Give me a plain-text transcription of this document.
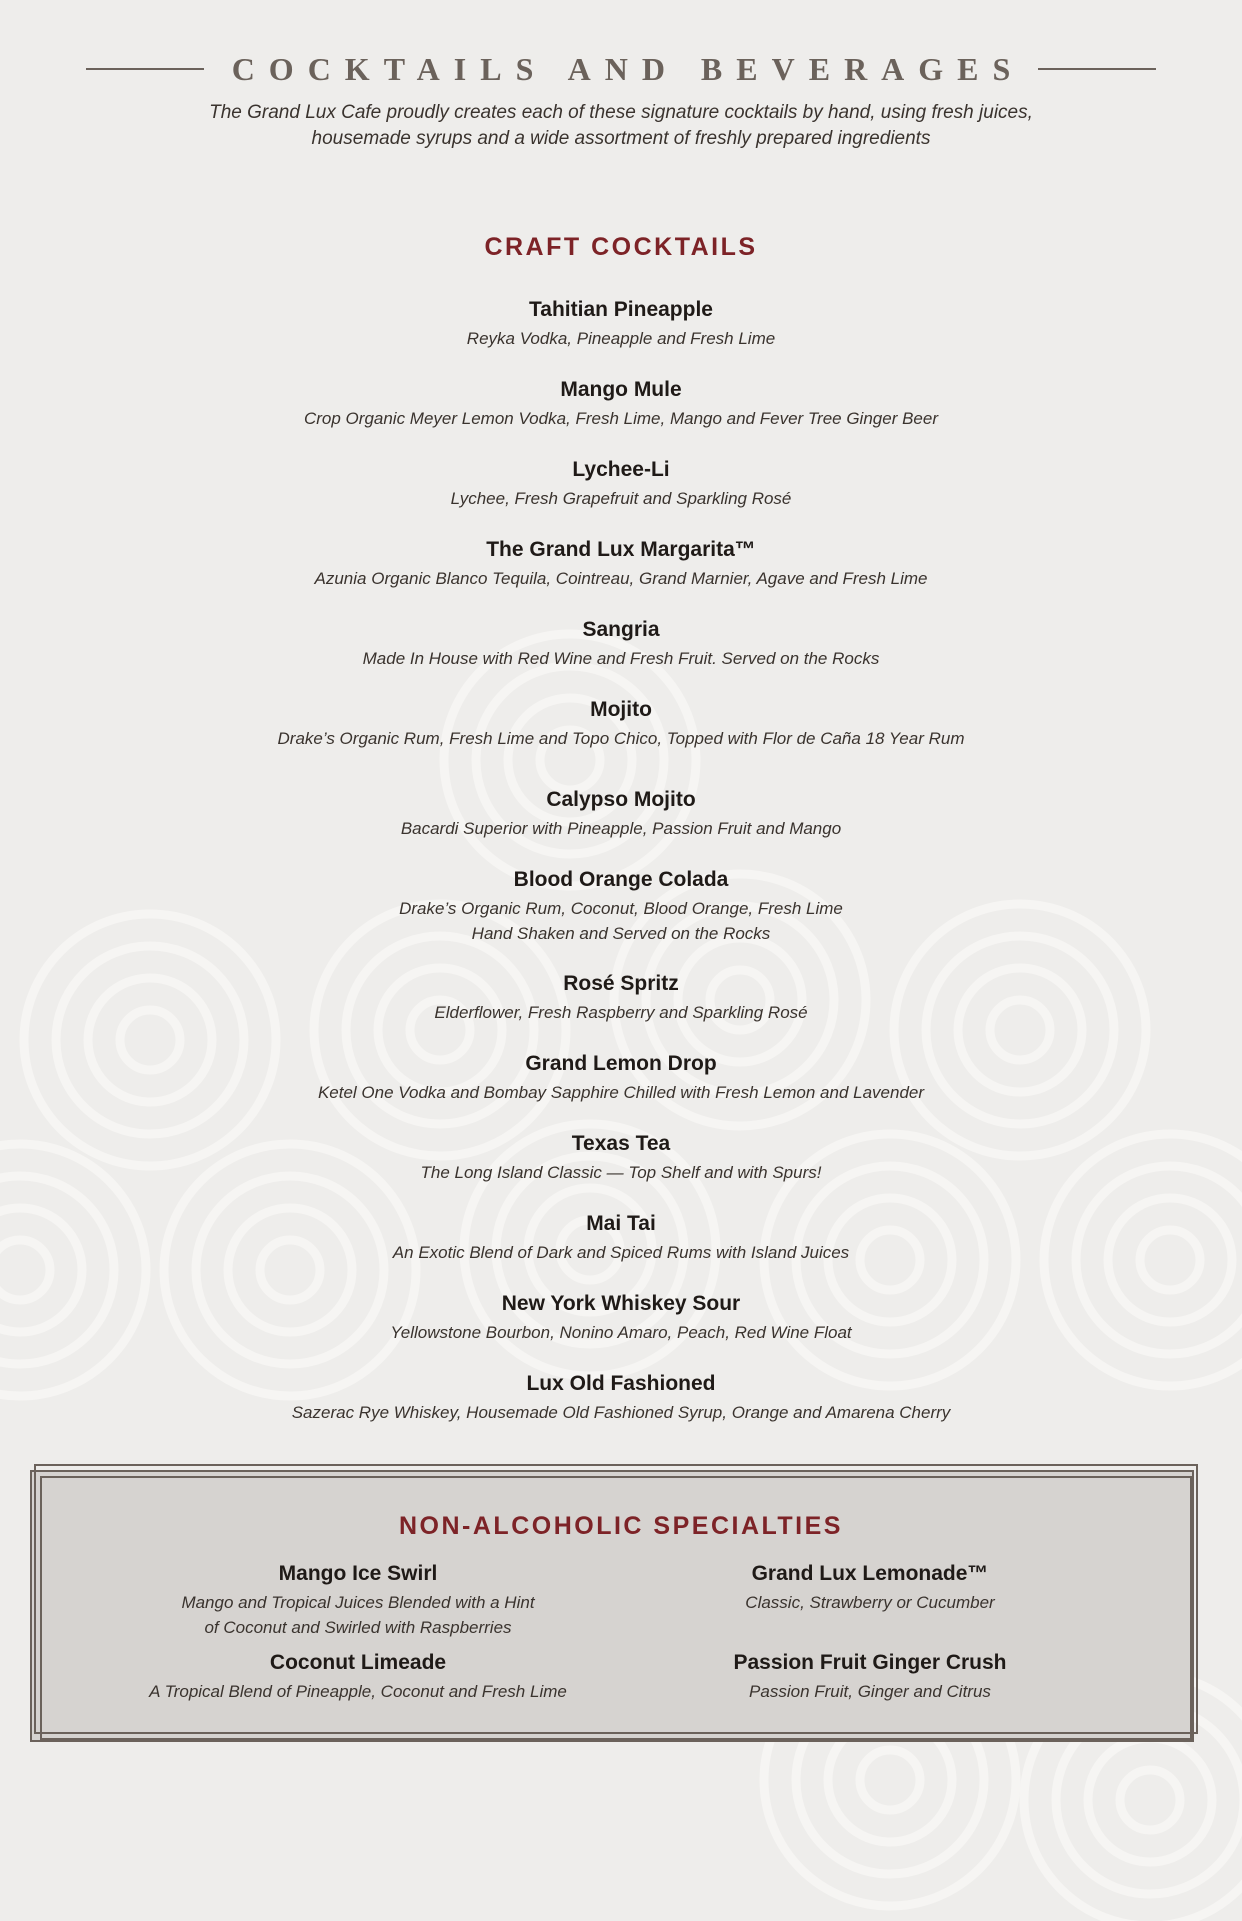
COCKTAILS AND BEVERAGES
The Grand Lux Cafe proudly creates each of these signature cocktails by hand, using fresh juices,
housemade syrups and a wide assortment of freshly prepared ingredients
CRAFT COCKTAILS
Tahitian Pineapple
Reyka Vodka, Pineapple and Fresh Lime
Mango Mule
Crop Organic Meyer Lemon Vodka, Fresh Lime, Mango and Fever Tree Ginger Beer
Lychee-Li
Lychee, Fresh Grapefruit and Sparkling Rosé
The Grand Lux Margarita™
Azunia Organic Blanco Tequila, Cointreau, Grand Marnier, Agave and Fresh Lime
Sangria
Made In House with Red Wine and Fresh Fruit. Served on the Rocks
Mojito
Drake’s Organic Rum, Fresh Lime and Topo Chico, Topped with Flor de Caña 18 Year Rum
Calypso Mojito
Bacardi Superior with Pineapple, Passion Fruit and Mango
Blood Orange Colada
Drake’s Organic Rum, Coconut, Blood Orange, Fresh Lime
Hand Shaken and Served on the Rocks
Rosé Spritz
Elderflower, Fresh Raspberry and Sparkling Rosé
Grand Lemon Drop
Ketel One Vodka and Bombay Sapphire Chilled with Fresh Lemon and Lavender
Texas Tea
The Long Island Classic — Top Shelf and with Spurs!
Mai Tai
An Exotic Blend of Dark and Spiced Rums with Island Juices
New York Whiskey Sour
Yellowstone Bourbon, Nonino Amaro, Peach, Red Wine Float
Lux Old Fashioned
Sazerac Rye Whiskey, Housemade Old Fashioned Syrup, Orange and Amarena Cherry
NON-ALCOHOLIC SPECIALTIES
Mango Ice Swirl
Mango and Tropical Juices Blended with a Hint
of Coconut and Swirled with Raspberries
Grand Lux Lemonade™
Classic, Strawberry or Cucumber
Coconut Limeade
A Tropical Blend of Pineapple, Coconut and Fresh Lime
Passion Fruit Ginger Crush
Passion Fruit, Ginger and Citrus
